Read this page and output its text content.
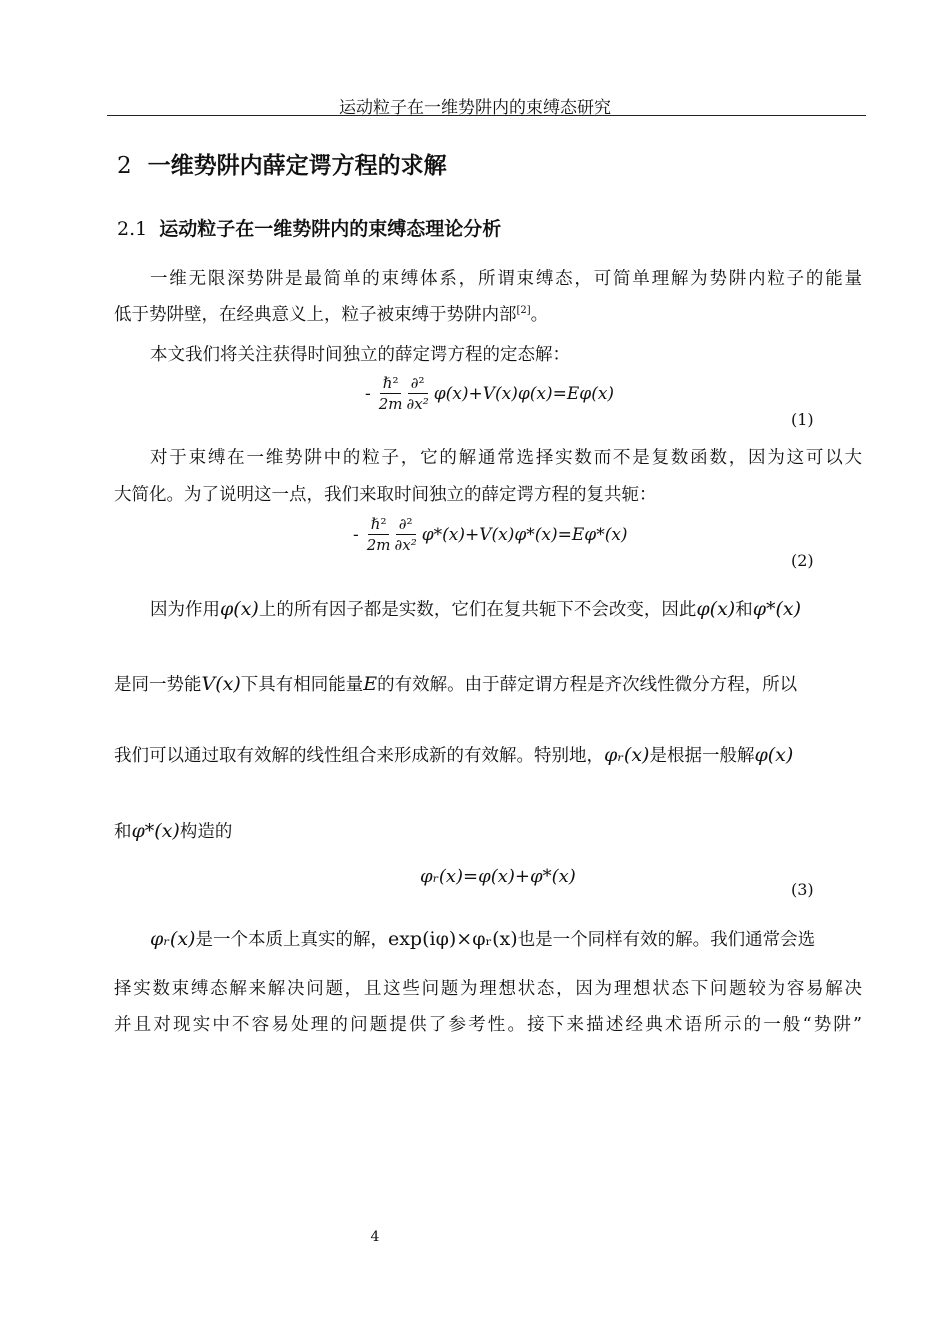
运动粒子在一维势阱内的束缚态研究
2 一维势阱内薛定谔方程的求解
2.1 运动粒子在一维势阱内的束缚态理论分析
一维无限深势阱是最简单的束缚体系，所谓束缚态，可简单理解为势阱内粒子的能量
低于势阱壁，在经典意义上，粒子被束缚于势阱内部[2]。
本文我们将关注获得时间独立的薛定谔方程的定态解：
- $\frac{\text{ℏ²}}{2m} \frac{\text{∂²}}{\text{∂x²}} \varphi(x)+V(x)\varphi(x)=E\varphi(x)$
(1)
对于束缚在一维势阱中的粒子，它的解通常选择实数而不是复数函数，因为这可以大
大简化。为了说明这一点，我们来取时间独立的薛定谔方程的复共轭：
- $\frac{\text{ℏ²}}{2m} \frac{\text{∂²}}{\text{∂x²}} \varphi*(x)+V(x)\varphi*(x)=E\varphi*(x)$
(2)
因为作用φ(x)上的所有因子都是实数，它们在复共轭下不会改变，因此φ(x)和φ*(x)
是同一势能V(x)下具有相同能量E的有效解。由于薛定谓方程是齐次线性微分方程，所以
我们可以通过取有效解的线性组合来形成新的有效解。特别地，φᵣ(x)是根据一般解φ(x)
和φ*(x)构造的
φᵣ(x)=φ(x)+φ*(x)
(3)
φᵣ(x)是一个本质上真实的解，exp(iφ)×φᵣ(x)也是一个同样有效的解。我们通常会选
择实数束缚态解来解决问题，且这些问题为理想状态，因为理想状态下问题较为容易解决
并且对现实中不容易处理的问题提供了参考性。接下来描述经典术语所示的一般“势阱”
4
